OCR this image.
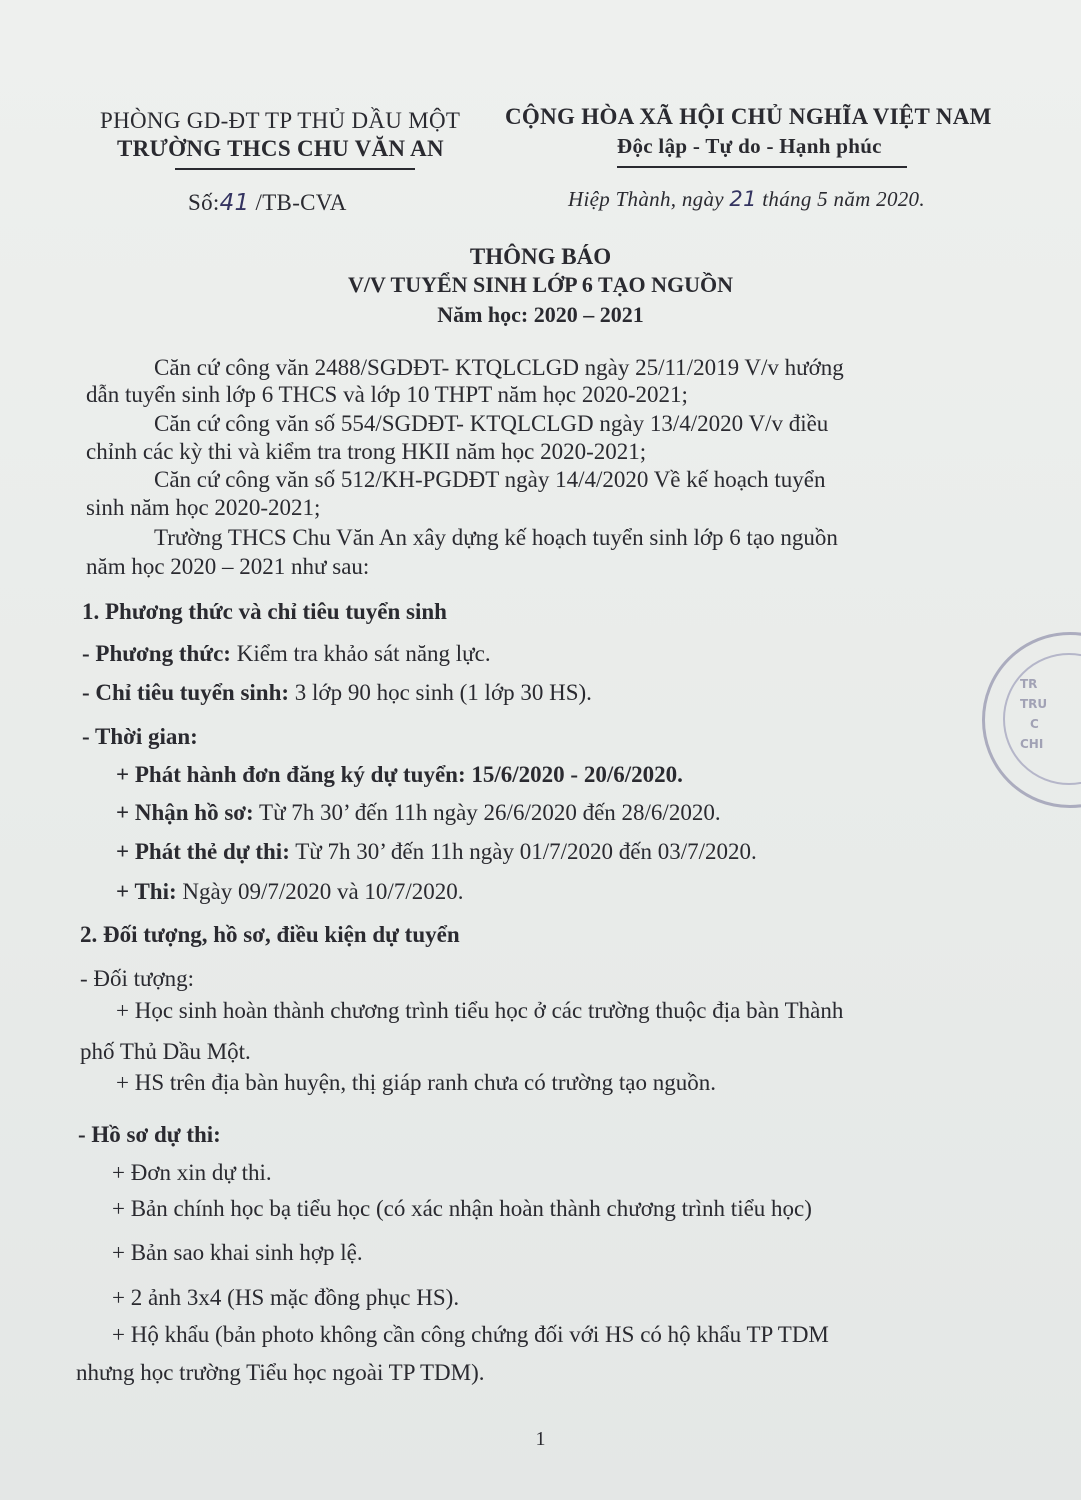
PHÒNG GD-ĐT TP THỦ DẦU MỘT
TRƯỜNG THCS CHU VĂN AN
CỘNG HÒA XÃ HỘI CHỦ NGHĨA VIỆT NAM
Độc lập - Tự do - Hạnh phúc
Số:41 /TB-CVA	Hiệp Thành, ngày 21 tháng 5 năm 2020.
THÔNG BÁO
V/V TUYỂN SINH LỚP 6 TẠO NGUỒN
Năm học: 2020 – 2021
Căn cứ công văn 2488/SGDĐT- KTQLCLGD ngày 25/11/2019 V/v hướng
dẫn tuyển sinh lớp 6 THCS và lớp 10 THPT năm học 2020-2021;
Căn cứ công văn số 554/SGDĐT- KTQLCLGD ngày 13/4/2020 V/v điều
chỉnh các kỳ thi và kiểm tra trong HKII năm học 2020-2021;
Căn cứ công văn số 512/KH-PGDĐT ngày 14/4/2020 Về kế hoạch tuyển
sinh năm học 2020-2021;
Trường THCS Chu Văn An xây dựng kế hoạch tuyển sinh lớp 6 tạo nguồn
năm học 2020 – 2021 như sau:
1. Phương thức và chỉ tiêu tuyển sinh
- Phương thức: Kiểm tra khảo sát năng lực.
- Chỉ tiêu tuyển sinh: 3 lớp 90 học sinh (1 lớp 30 HS).
- Thời gian:
+ Phát hành đơn đăng ký dự tuyển: 15/6/2020 - 20/6/2020.
+ Nhận hồ sơ: Từ 7h 30’ đến 11h ngày 26/6/2020 đến 28/6/2020.
+ Phát thẻ dự thi: Từ 7h 30’ đến 11h ngày 01/7/2020 đến 03/7/2020.
+ Thi: Ngày 09/7/2020 và 10/7/2020.
2. Đối tượng, hồ sơ, điều kiện dự tuyển
- Đối tượng:
+ Học sinh hoàn thành chương trình tiểu học ở các trường thuộc địa bàn Thành
phố Thủ Dầu Một.
+ HS trên địa bàn huyện, thị giáp ranh chưa có trường tạo nguồn.
- Hồ sơ dự thi:
+ Đơn xin dự thi.
+ Bản chính học bạ tiểu học (có xác nhận hoàn thành chương trình tiểu học)
+ Bản sao khai sinh hợp lệ.
+ 2 ảnh 3x4 (HS mặc đồng phục HS).
+ Hộ khẩu (bản photo không cần công chứng đối với HS có hộ khẩu TP TDM
nhưng học trường Tiểu học ngoài TP TDM).
TR
TRU
C
CHI
1
